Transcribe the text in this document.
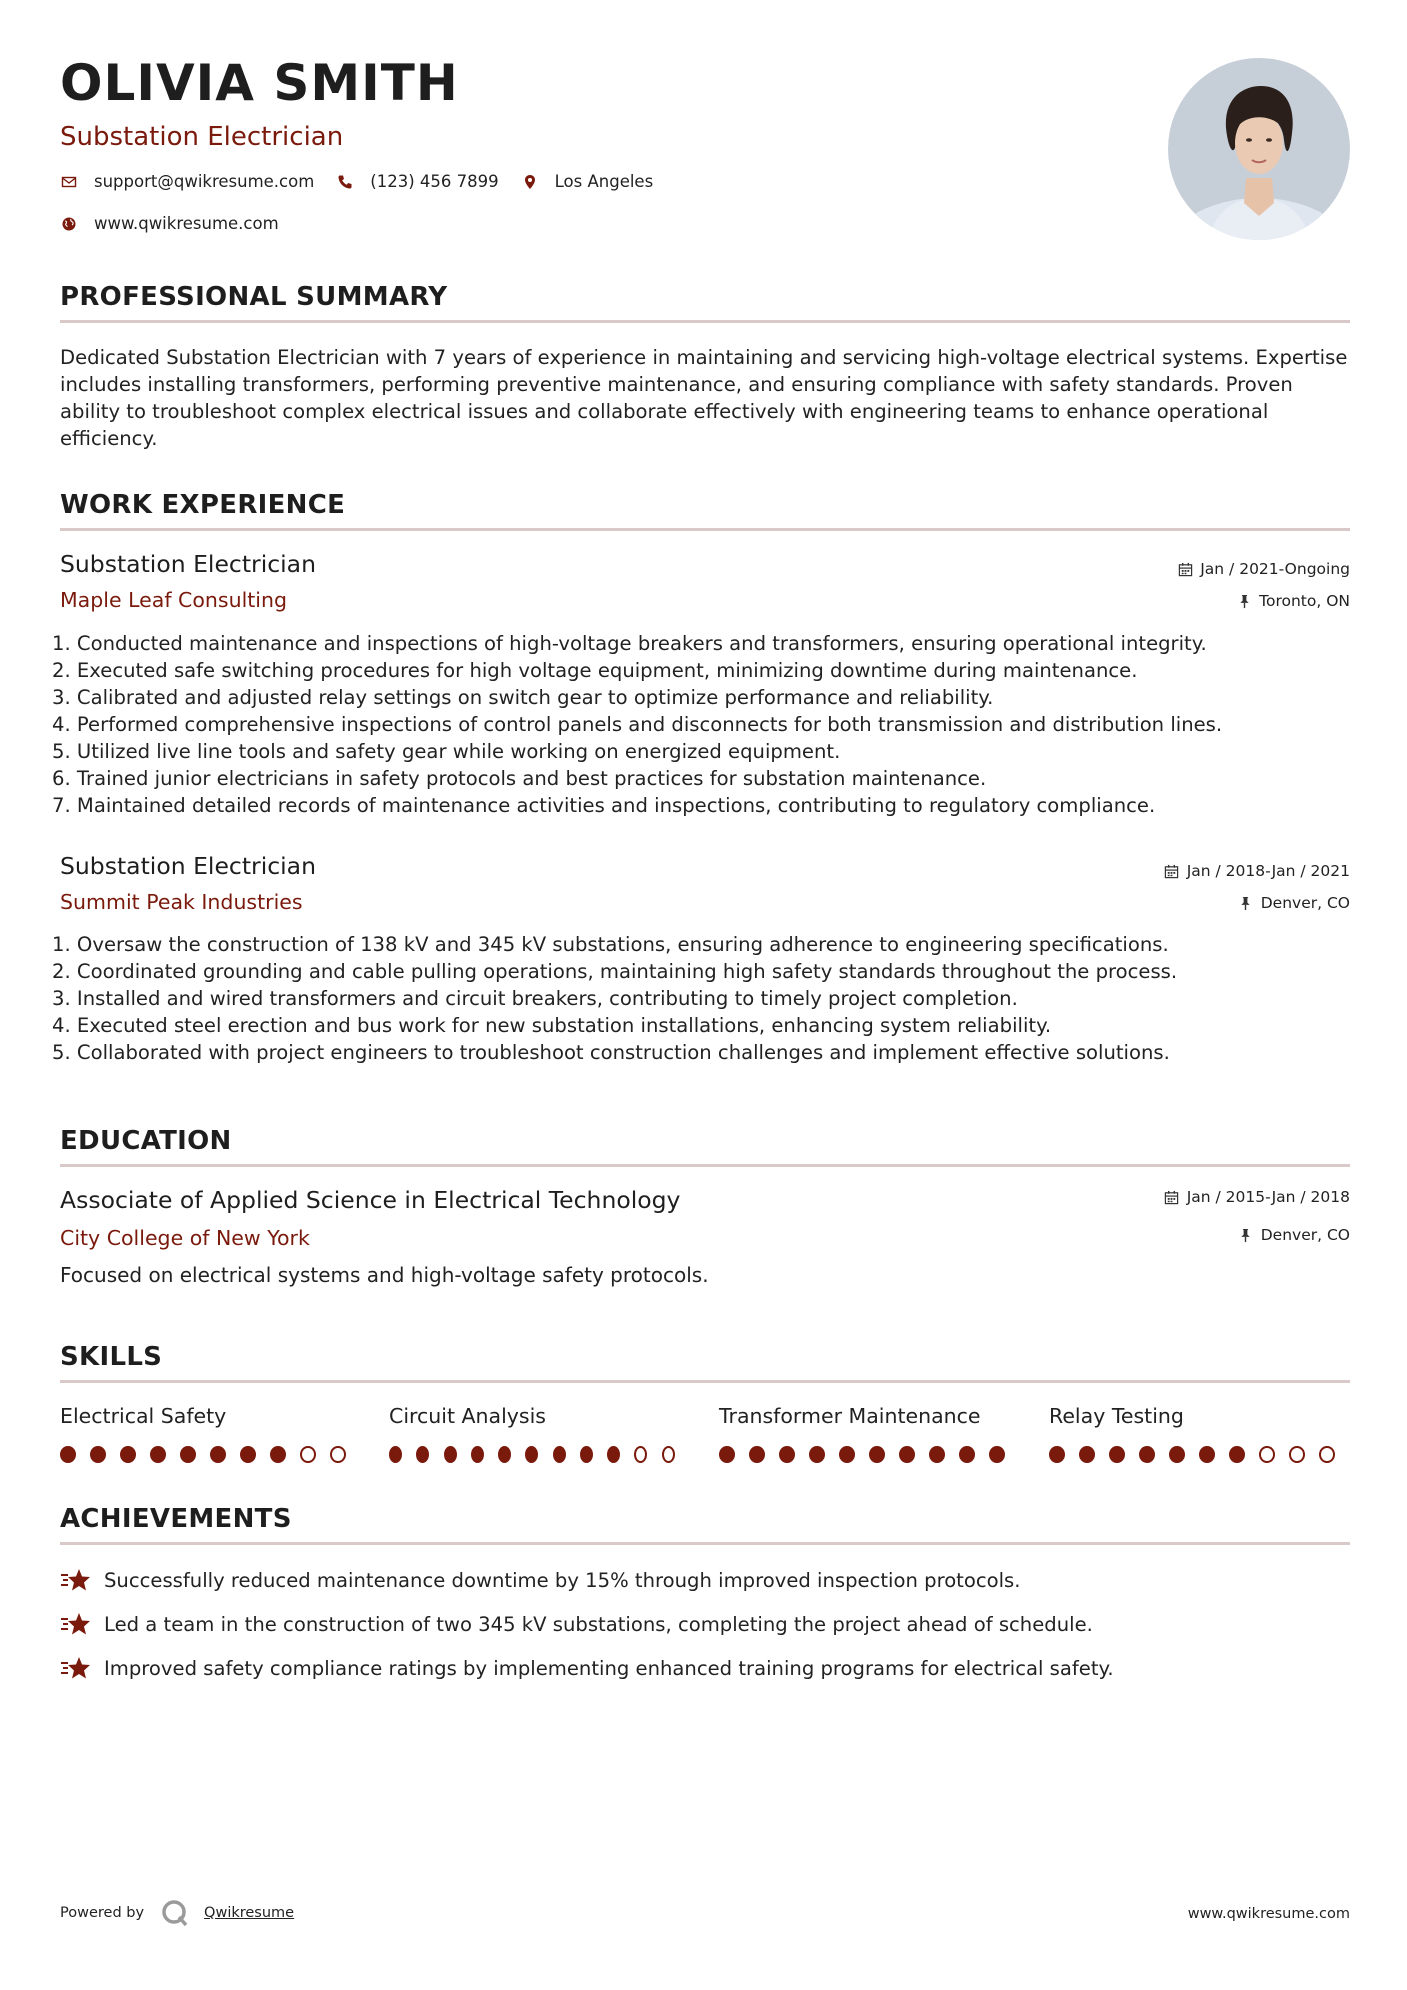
OLIVIA SMITH
Substation Electrician
support@qwikresume.com	(123) 456 7899	Los Angeles
www.qwikresume.com
PROFESSIONAL SUMMARY
Dedicated Substation Electrician with 7 years of experience in maintaining and servicing high-voltage electrical systems. Expertise includes installing transformers, performing preventive maintenance, and ensuring compliance with safety standards. Proven ability to troubleshoot complex electrical issues and collaborate effectively with engineering teams to enhance operational efficiency.
WORK EXPERIENCE
Substation Electrician
Maple Leaf Consulting
Jan / 2021-Ongoing
Toronto, ON
1. Conducted maintenance and inspections of high-voltage breakers and transformers, ensuring operational integrity.
2. Executed safe switching procedures for high voltage equipment, minimizing downtime during maintenance.
3. Calibrated and adjusted relay settings on switch gear to optimize performance and reliability.
4. Performed comprehensive inspections of control panels and disconnects for both transmission and distribution lines.
5. Utilized live line tools and safety gear while working on energized equipment.
6. Trained junior electricians in safety protocols and best practices for substation maintenance.
7. Maintained detailed records of maintenance activities and inspections, contributing to regulatory compliance.
Substation Electrician
Summit Peak Industries
Jan / 2018-Jan / 2021
Denver, CO
1. Oversaw the construction of 138 kV and 345 kV substations, ensuring adherence to engineering specifications.
2. Coordinated grounding and cable pulling operations, maintaining high safety standards throughout the process.
3. Installed and wired transformers and circuit breakers, contributing to timely project completion.
4. Executed steel erection and bus work for new substation installations, enhancing system reliability.
5. Collaborated with project engineers to troubleshoot construction challenges and implement effective solutions.
EDUCATION
Associate of Applied Science in Electrical Technology
City College of New York
Jan / 2015-Jan / 2018
Denver, CO
Focused on electrical systems and high-voltage safety protocols.
SKILLS
Electrical Safety	Circuit Analysis	Transformer Maintenance	Relay Testing
ACHIEVEMENTS
Successfully reduced maintenance downtime by 15% through improved inspection protocols.
Led a team in the construction of two 345 kV substations, completing the project ahead of schedule.
Improved safety compliance ratings by implementing enhanced training programs for electrical safety.
Powered by	Qwikresume	www.qwikresume.com
